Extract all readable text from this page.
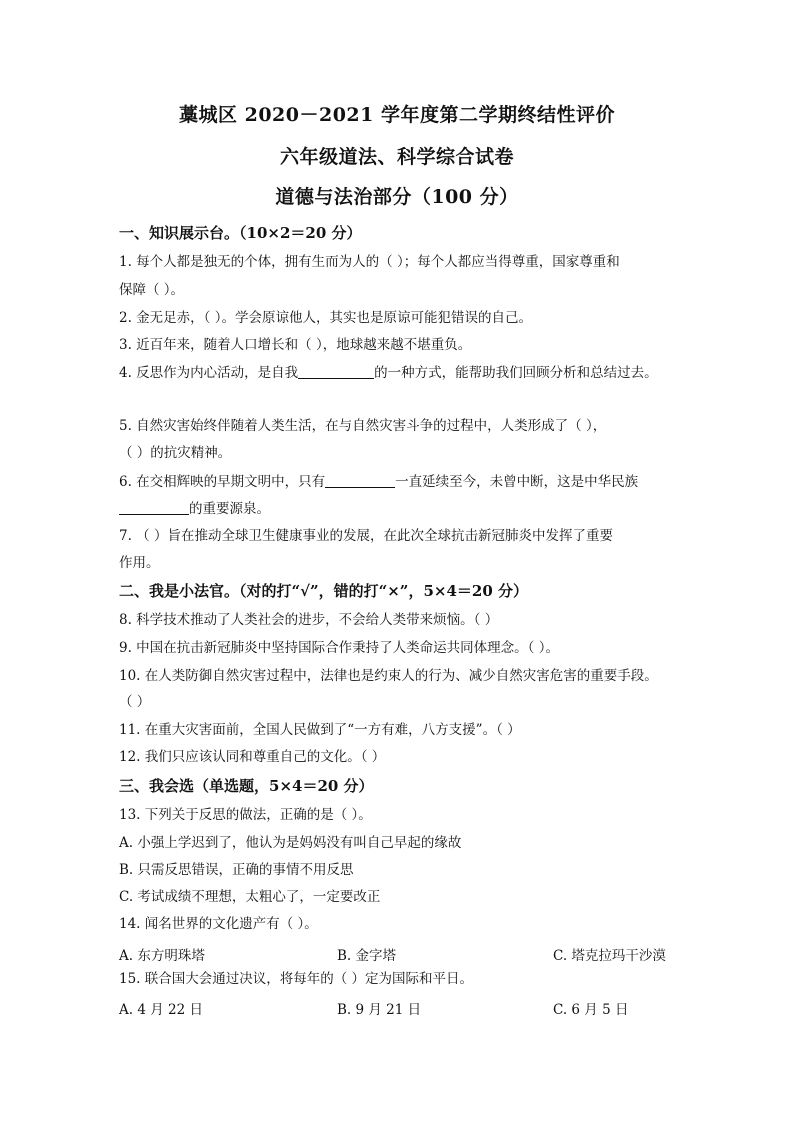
藁城区 2020－2021 学年度第二学期终结性评价
六年级道法、科学综合试卷
道德与法治部分（100 分）
一、知识展示台。（10×2＝20 分）
1. 每个人都是独无的个体，拥有生而为人的（ ）；每个人都应当得尊重，国家尊重和
保障（ ）。
2. 金无足赤，（ ）。学会原谅他人，其实也是原谅可能犯错误的自己。
3. 近百年来，随着人口增长和（ ），地球越来越不堪重负。
4. 反思作为内心活动，是自我	的一种方式，能帮助我们回顾分析和总结过去。
5. 自然灾害始终伴随着人类生活，在与自然灾害斗争的过程中，人类形成了（ ），
（ ）的抗灾精神。
6. 在交相辉映的早期文明中，只有	一直延续至今，未曾中断，这是中华民族
的重要源泉。
7. （ ）旨在推动全球卫生健康事业的发展，在此次全球抗击新冠肺炎中发挥了重要
作用。
二、我是小法官。（对的打“√”，错的打“×”，5×4＝20 分）
8. 科学技术推动了人类社会的进步，不会给人类带来烦恼。（ ）
9. 中国在抗击新冠肺炎中坚持国际合作秉持了人类命运共同体理念。（ ）。
10. 在人类防御自然灾害过程中，法律也是约束人的行为、减少自然灾害危害的重要手段。
（ ）
11. 在重大灾害面前，全国人民做到了“一方有难，八方支援”。（ ）
12. 我们只应该认同和尊重自己的文化。（ ）
三、我会选（单选题，5×4＝20 分）
13. 下列关于反思的做法，正确的是（ ）。
A. 小强上学迟到了，他认为是妈妈没有叫自己早起的缘故
B. 只需反思错误，正确的事情不用反思
C. 考试成绩不理想，太粗心了，一定要改正
14. 闻名世界的文化遗产有（ ）。
A. 东方明珠塔	B. 金字塔	C. 塔克拉玛干沙漠
15. 联合国大会通过决议，将每年的（ ）定为国际和平日。
A. 4 月 22 日	B. 9 月 21 日	C. 6 月 5 日
